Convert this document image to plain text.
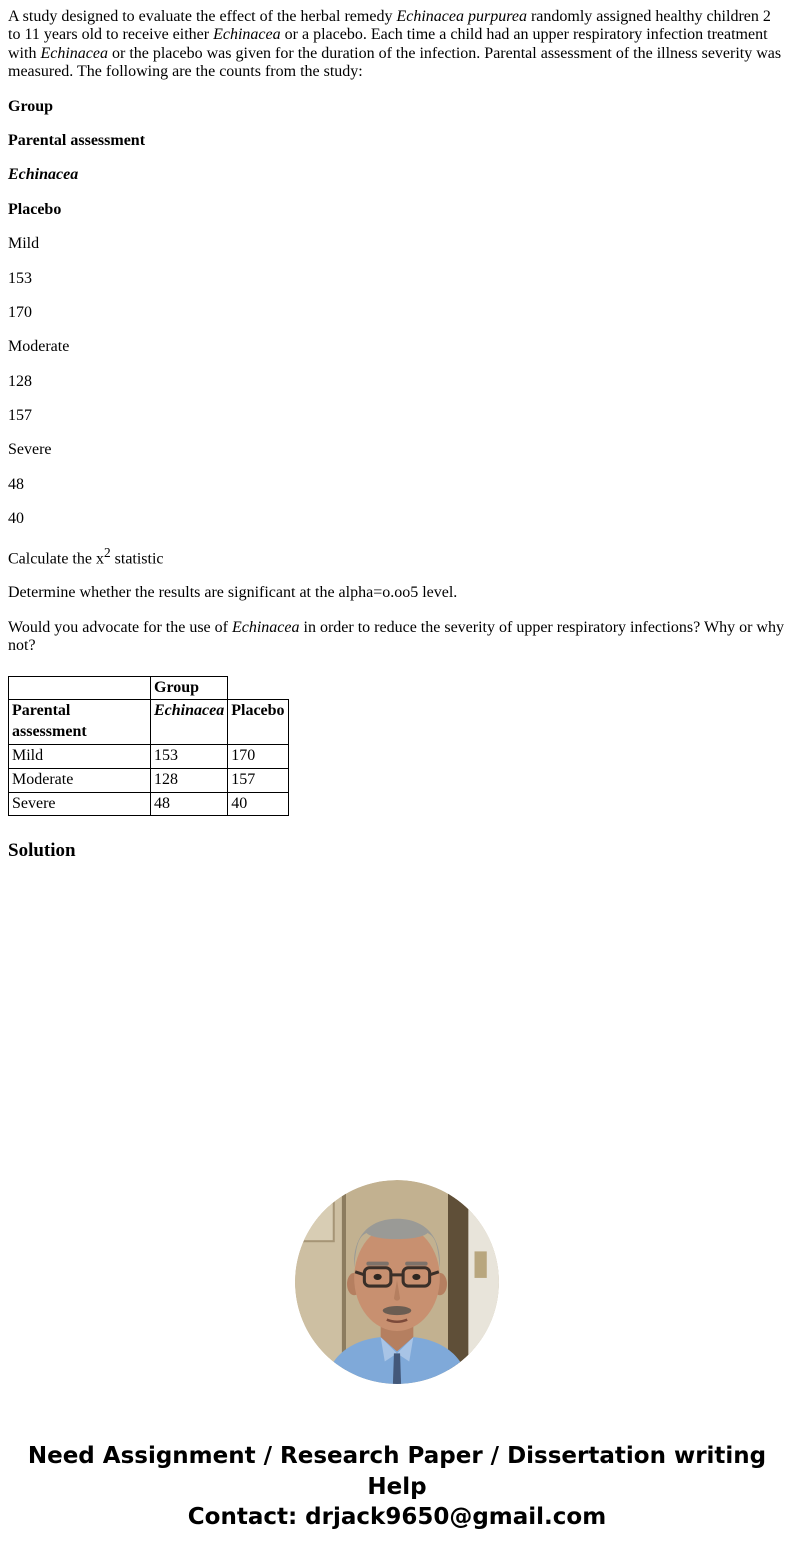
A study designed to evaluate the effect of the herbal remedy Echinacea purpurea randomly assigned healthy children 2 to 11 years old to receive either Echinacea or a placebo. Each time a child had an upper respiratory infection treatment with Echinacea or the placebo was given for the duration of the infection. Parental assessment of the illness severity was measured. The following are the counts from the study:

Group

Parental assessment

Echinacea

Placebo

Mild

153

170

Moderate

128

157

Severe

48

40

Calculate the $x^2$ statistic

Determine whether the results are significant at the alpha=o.oo5 level.

Would you advocate for the use of Echinacea in order to reduce the severity of upper respiratory infections? Why or why not?

	Group	
Parental assessment	Echinacea	Placebo
Mild	153	170
Moderate	128	157
Severe	48	40
Solution
Need Assignment / Research Paper / Dissertation writing Help
Contact: drjack9650@gmail.com
